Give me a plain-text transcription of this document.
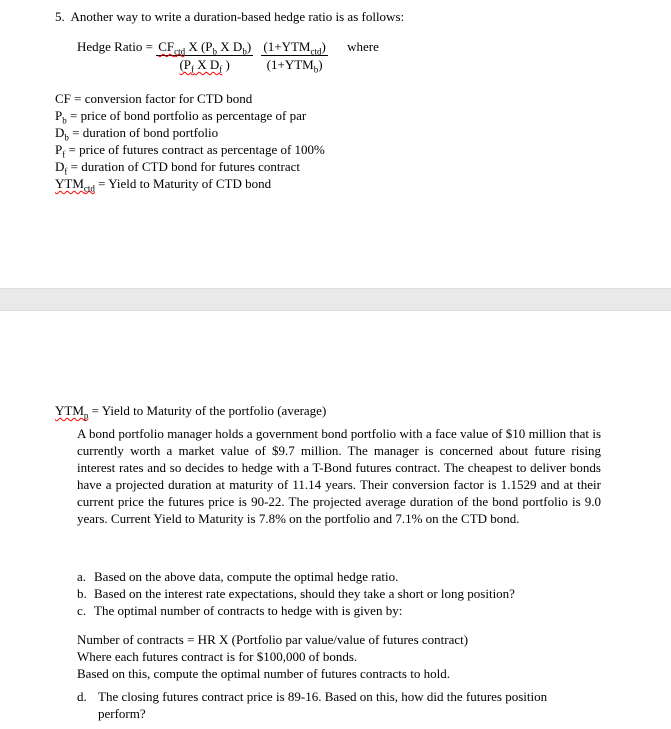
5.  Another way to write a duration-based hedge ratio is as follows:
Hedge Ratio = $\frac{CF_{ctd} X (P_b X D_b)}{(P_f X D_f )}$
$\frac{(1+YTM_{ctd})}{(1+YTM_b)}$ where
CF = conversion factor for CTD bond
$P_b$ = price of bond portfolio as percentage of par
$D_b$ = duration of bond portfolio
$P_f$ = price of futures contract as percentage of 100%
$D_f$ = duration of CTD bond for futures contract
$YTM_{ctd}$ = Yield to Maturity of CTD bond
$YTM_p$ = Yield to Maturity of the portfolio (average)
A bond portfolio manager holds a government bond portfolio with a face value of $10 million that is currently worth a market value of $9.7 million. The manager is concerned about future rising interest rates and so decides to hedge with a T-Bond futures contract. The cheapest to deliver bonds have a projected duration at maturity of 11.14 years. Their conversion factor is 1.1529 and at their current price the futures price is 90-22. The projected average duration of the bond portfolio is 9.0 years. Current Yield to Maturity is 7.8% on the portfolio and 7.1% on the CTD bond.
a. Based on the above data, compute the optimal hedge ratio.
b. Based on the interest rate expectations, should they take a short or long position?
c. The optimal number of contracts to hedge with is given by:
Number of contracts = HR X (Portfolio par value/value of futures contract)
Where each futures contract is for $100,000 of bonds.
Based on this, compute the optimal number of futures contracts to hold.
d. The closing futures contract price is 89-16. Based on this, how did the futures position perform?
